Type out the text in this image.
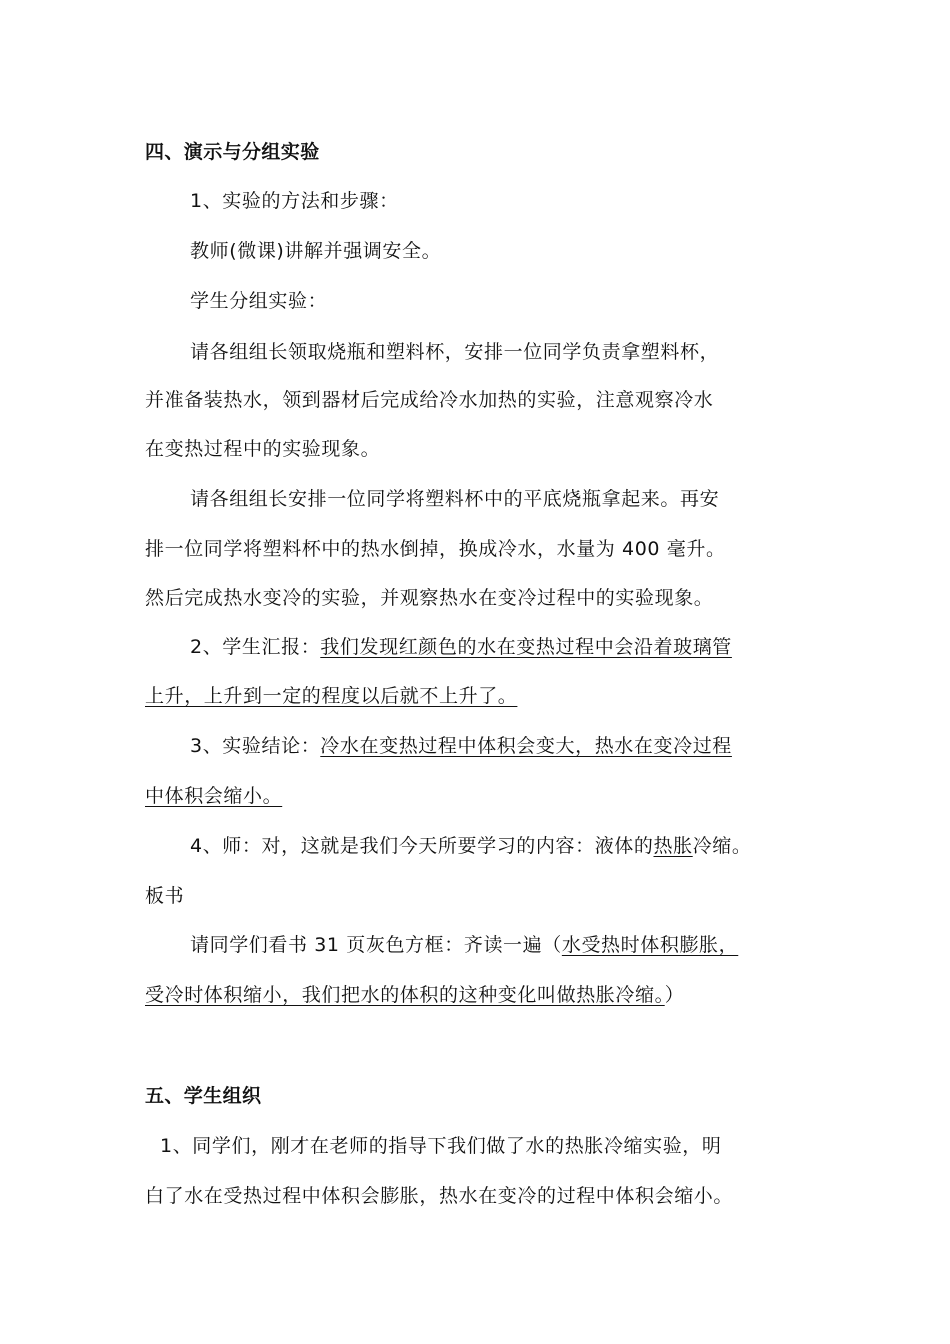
四、演示与分组实验
1、实验的方法和步骤：
教师(微课)讲解并强调安全。
学生分组实验：
请各组组长领取烧瓶和塑料杯，安排一位同学负责拿塑料杯，
并准备装热水，领到器材后完成给冷水加热的实验，注意观察冷水
在变热过程中的实验现象。
请各组组长安排一位同学将塑料杯中的平底烧瓶拿起来。再安
排一位同学将塑料杯中的热水倒掉，换成冷水，水量为 400 毫升。
然后完成热水变冷的实验，并观察热水在变冷过程中的实验现象。
2、学生汇报：我们发现红颜色的水在变热过程中会沿着玻璃管
上升，上升到一定的程度以后就不上升了。
3、实验结论：冷水在变热过程中体积会变大，热水在变冷过程
中体积会缩小。
4、师：对，这就是我们今天所要学习的内容：液体的热胀冷缩。
板书
请同学们看书 31 页灰色方框：齐读一遍（水受热时体积膨胀，
受冷时体积缩小，我们把水的体积的这种变化叫做热胀冷缩。）
五、学生组织
1、同学们，刚才在老师的指导下我们做了水的热胀冷缩实验，明
白了水在受热过程中体积会膨胀，热水在变冷的过程中体积会缩小。
